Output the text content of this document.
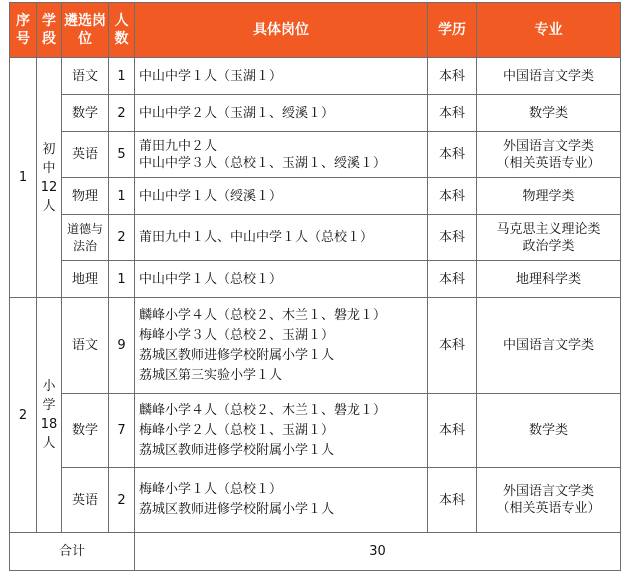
序号	学段	遴选岗位	人数	具体岗位	学历	专业
1	初中12人	语文	1	中山中学１人（玉湖１）	本科	中国语言文学类
		数学	2	中山中学２人（玉湖１、绶溪１）	本科	数学类
		英语	5	莆田九中２人
中山中学３人（总校１、玉湖１、绶溪１）	本科	外国语言文学类
（相关英语专业）

		物理	1	中山中学１人（绶溪１）	本科	物理学类
		道德与法治	2	莆田九中１人、中山中学１人（总校１）	本科	马克思主义理论类
政治学类

		地理	1	中山中学１人（总校１）	本科	地理科学类
2	小学18人	语文	9	麟峰小学４人（总校２、木兰１、磐龙１）
梅峰小学３人（总校２、玉湖１）
荔城区教师进修学校附属小学１人
荔城区第三实验小学１人	本科	中国语言文学类
		数学	7	麟峰小学４人（总校２、木兰１、磐龙１）
梅峰小学２人（总校１、玉湖１）
荔城区教师进修学校附属小学１人	本科	数学类
		英语	2	梅峰小学１人（总校１）
荔城区教师进修学校附属小学１人	本科	外国语言文学类
（相关英语专业）

合计				30		
